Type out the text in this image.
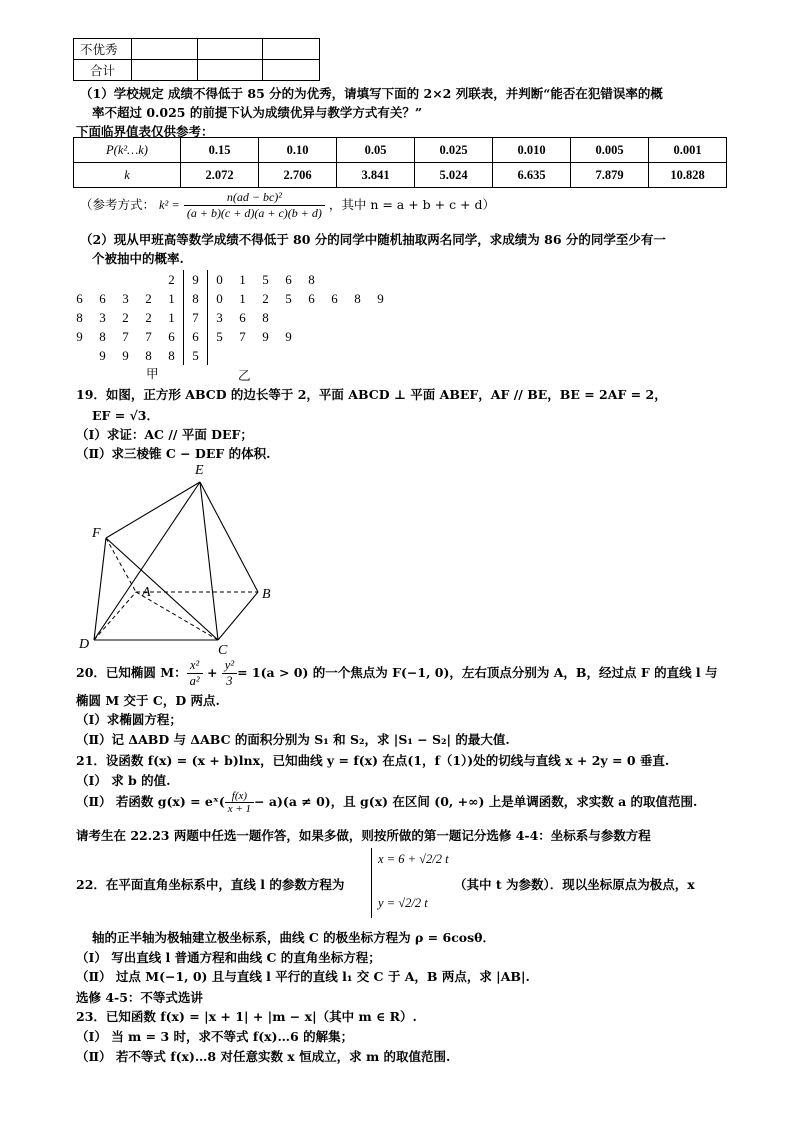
不优秀			
合计			
（1）学校规定 成绩不得低于 85 分的为优秀，请填写下面的 2×2 列联表，并判断“能否在犯错误率的概
率不超过 0.025 的前提下认为成绩优异与教学方式有关？”
下面临界值表仅供参考：
P(k²…k)	0.15	0.10	0.05	0.025	0.010	0.005	0.001
k	2.072	2.706	3.841	5.024	6.635	7.879	10.828
（参考方式： $k^2 = \frac{\text{n(ad − bc)²}}{(a + b)(c + d)(a + c)(b + d)}$ ，其中 n = a + b + c + d）
（2）现从甲班高等数学成绩不得低于 80 分的同学中随机抽取两名同学，求成绩为 86 分的同学至少有一
个被抽中的概率.
				2	9	0	1	5	6	8			
6	6	3	2	1	8	0	1	2	5	6	6	8	9
8	3	2	2	1	7	3	6	8					
9	8	7	7	6	6	5	7	9	9				
	9	9	8	8	5								
甲	乙
19．如图，正方形 ABCD 的边长等于 2，平面 ABCD ⊥ 平面 ABEF，AF // BE，BE = 2AF = 2，
EF = √3．
（Ⅰ）求证：AC // 平面 DEF；
（Ⅱ）求三棱锥 C − DEF 的体积.
E
F
A	B
C
D
20．已知椭圆 M： $\frac{\text{x²}}{\text{a²}} + \frac{\text{y²}}{3} = 1(a > 0)$ 的一个焦点为 F(−1, 0)，左右顶点分别为 A，B，经过点 F 的直线 l 与
椭圆 M 交于 C，D 两点.
（Ⅰ）求椭圆方程；
（Ⅱ）记 ΔABD 与 ΔABC 的面积分别为 S₁ 和 S₂，求 |S₁ − S₂| 的最大值.
21．设函数 f(x) = (x + b)lnx，已知曲线 y = f(x) 在点(1，f（1）)处的切线与直线 x + 2y = 0 垂直.
（Ⅰ） 求 b 的值.
（Ⅱ） 若函数 g(x) = eˣ( $\frac{f(x)}{x + 1} - a)(a \ne 0)$，且 g(x) 在区间 (0, +∞) 上是单调函数，求实数 a 的取值范围.
请考生在 22.23 两题中任选一题作答，如果多做，则按所做的第一题记分选修 4-4：坐标系与参数方程
22．在平面直角坐标系中，直线 l 的参数方程为
x = 6 + √2/2 t
y = √2/2 t
（其中 t 为参数）．现以坐标原点为极点，x
轴的正半轴为极轴建立极坐标系，曲线 C 的极坐标方程为 ρ = 6cosθ．
（Ⅰ） 写出直线 l 普通方程和曲线 C 的直角坐标方程；
（Ⅱ） 过点 M(−1, 0) 且与直线 l 平行的直线 l₁ 交 C 于 A，B 两点，求 |AB|.
选修 4-5：不等式选讲
23．已知函数 f(x) = |x + 1| + |m − x|（其中 m ∈ R）.
（Ⅰ） 当 m = 3 时，求不等式 f(x)…6 的解集；
（Ⅱ） 若不等式 f(x)…8 对任意实数 x 恒成立，求 m 的取值范围.
